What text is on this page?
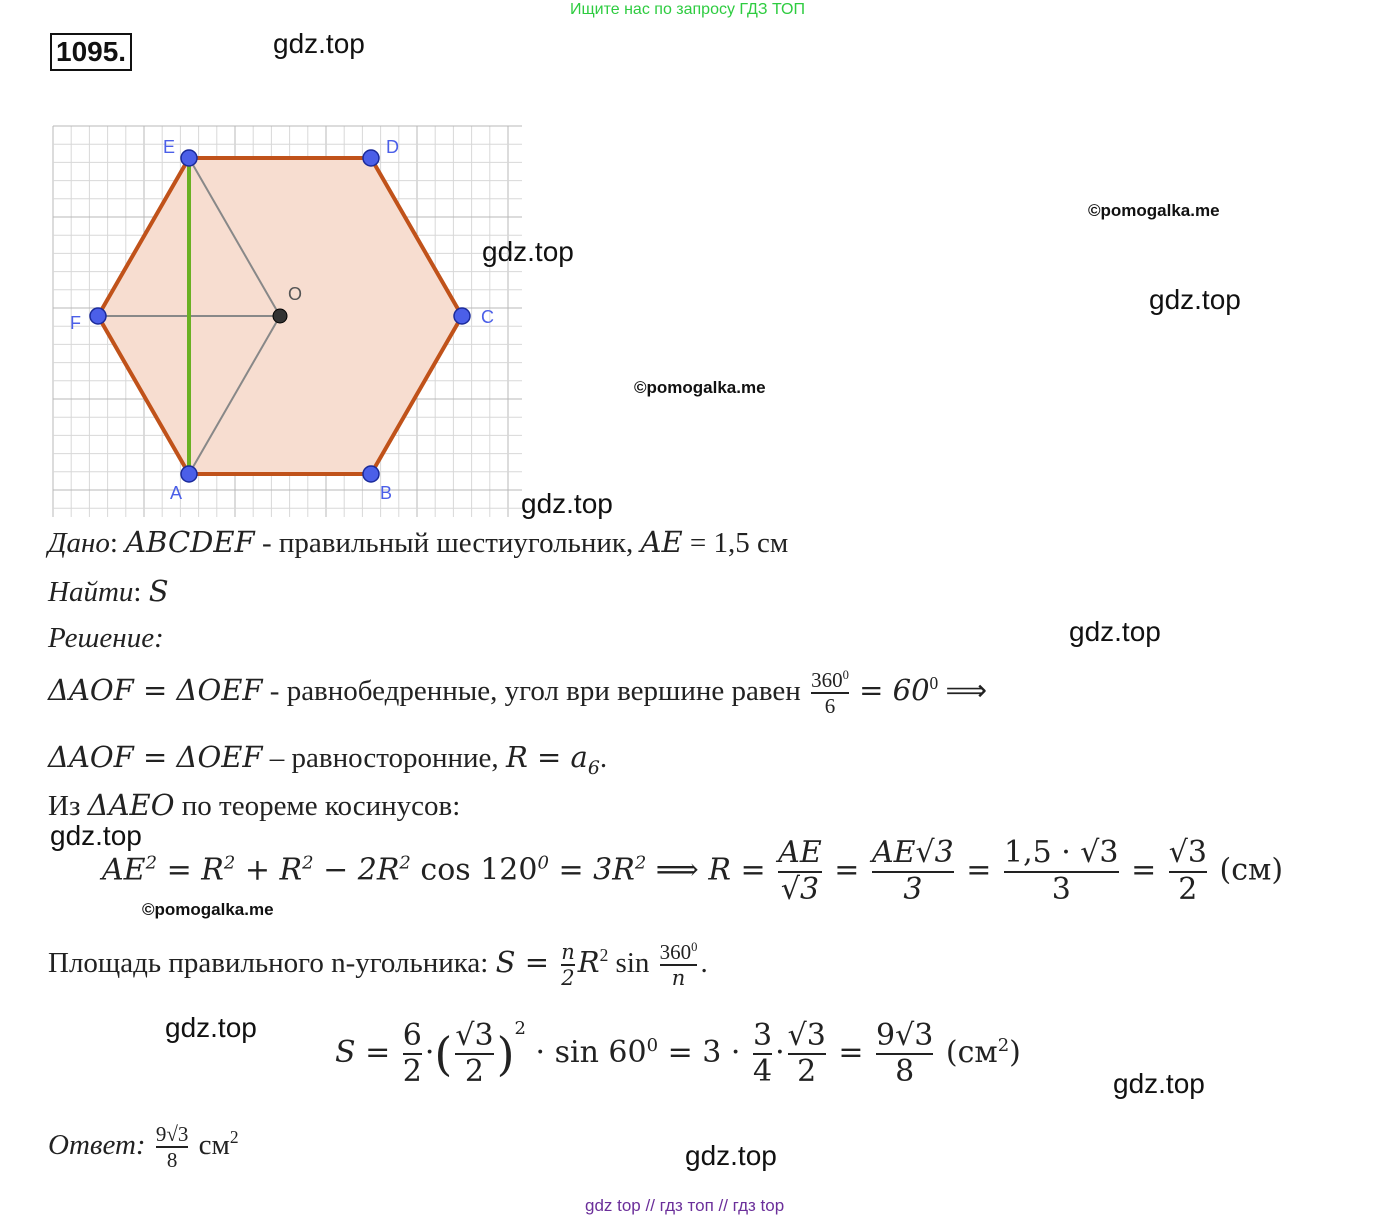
Ищите нас по запросу ГДЗ ТОП
1095.	gdz.top
A	B
C
D
E
F
O
gdz.top
©pomogalka.me
gdz.top
©pomogalka.me
gdz.top
Дано: ABCDEF - правильный шестиугольник, AE = 1,5 см
Найти: S
Решение:	gdz.top
ΔAOF = ΔOEF - равнобедренные, угол ври вершине равен $\frac{360^0}{6} = 60^0$ ⟹
ΔAOF = ΔOEF – равносторонние, $R = a_6$.
Из ΔAEO по теореме косинусов:
gdz.top
$AE^2 = R^2 + R^2 - 2R^2$ $\cos 120^0 = 3R^2$ ⟹ $R = \frac{AE}{√3} = \frac{AE√3}{3} = \frac{1,5 \cdot √3}{3} = \frac{√3}{2} (см)$
©pomogalka.me
Площадь правильного n-угольника: $S = \frac{n}{2} R^2$ $\sin \frac{360^0}{n}$ .
gdz.top
$S = \frac{6}{2}$ ·( $\frac{√3}{2} )^2 \cdot \sin 60^0 = 3 \cdot \frac{3}{4} \cdot \frac{√3}{2} = \frac{9√3}{8} (см^2)$
gdz.top
Ответ: $\frac{9√3}{8} см^2$
gdz.top
gdz top // гдз топ // гдз top
